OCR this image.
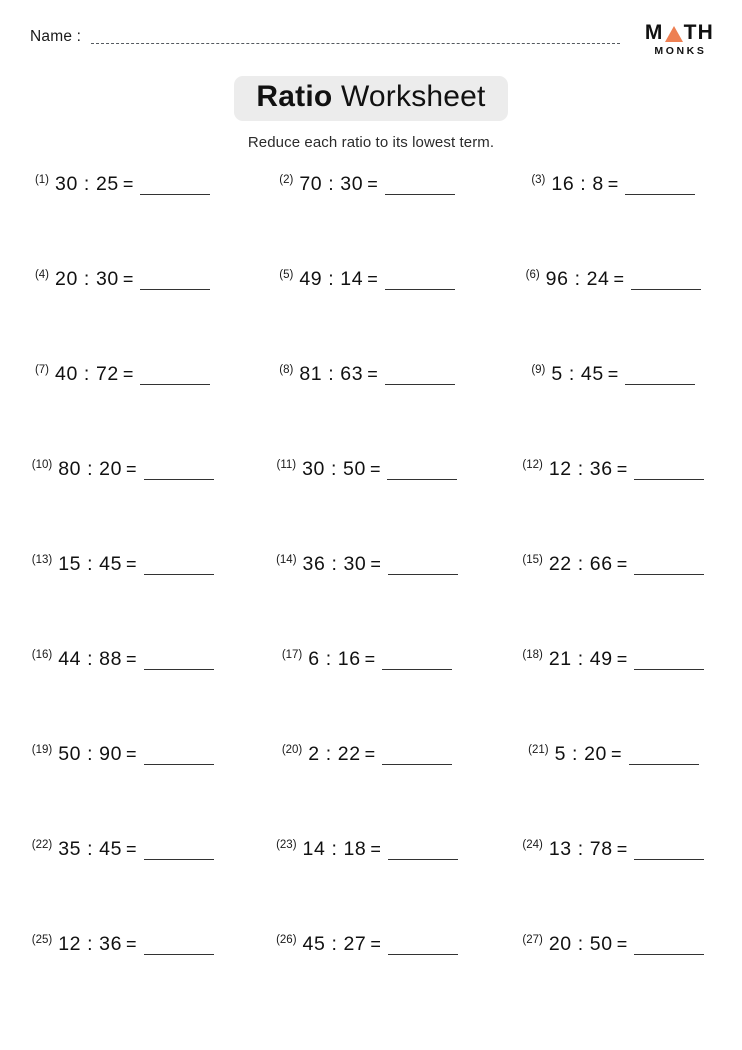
Name :	M TH
MONKS
Ratio Worksheet
Reduce each ratio to its lowest term.
(1) 30 : 25 =	(2) 70 : 30 =	(3) 16 : 8 =
(4) 20 : 30 =	(5) 49 : 14 =	(6) 96 : 24 =
(7) 40 : 72 =	(8) 81 : 63 =	(9) 5 : 45 =
(10) 80 : 20 =	(11) 30 : 50 =	(12) 12 : 36 =
(13) 15 : 45 =	(14) 36 : 30 =	(15) 22 : 66 =
(16) 44 : 88 =	(17) 6 : 16 =	(18) 21 : 49 =
(19) 50 : 90 =	(20) 2 : 22 =	(21) 5 : 20 =
(22) 35 : 45 =	(23) 14 : 18 =	(24) 13 : 78 =
(25) 12 : 36 =	(26) 45 : 27 =	(27) 20 : 50 =
